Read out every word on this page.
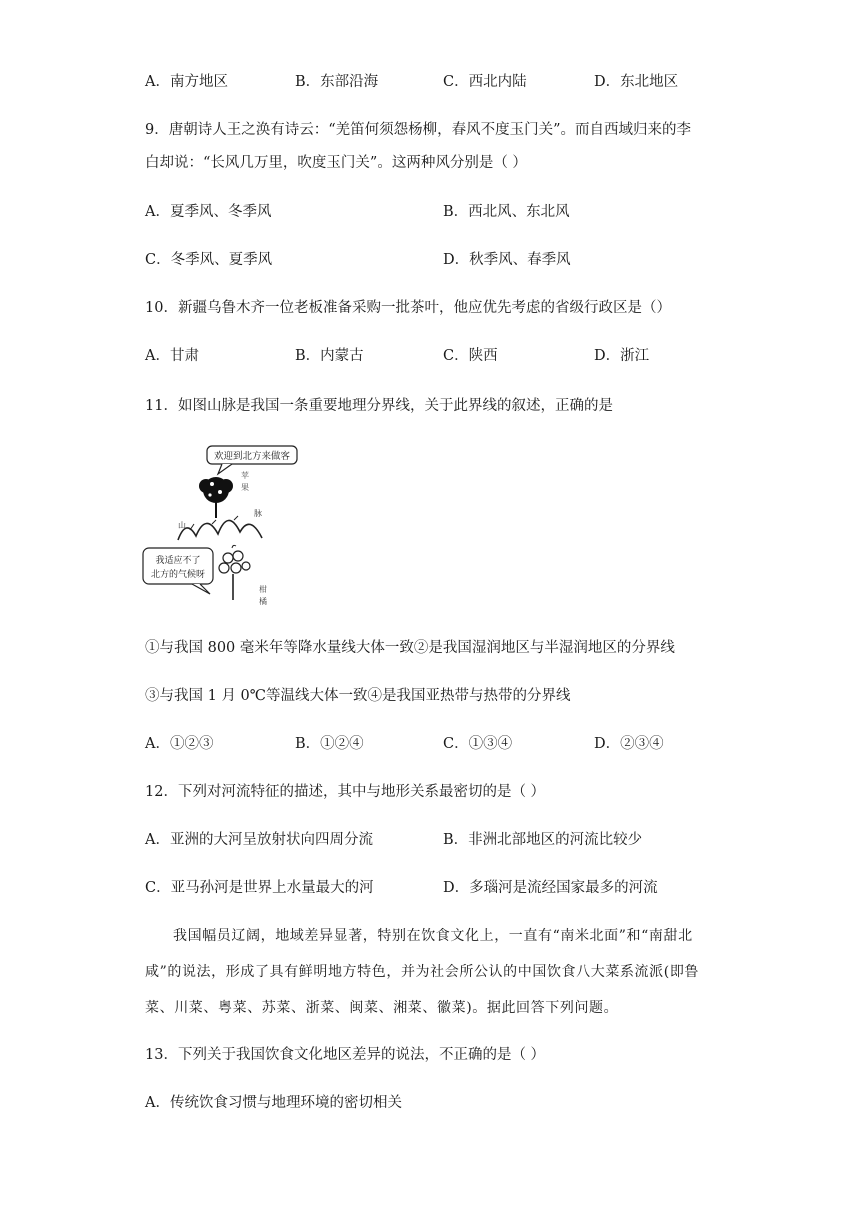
A．南方地区	B．东部沿海	C．西北内陆	D．东北地区
9．唐朝诗人王之涣有诗云：“羌笛何须怨杨柳，春风不度玉门关”。而自西域归来的李
白却说：“长风几万里，吹度玉门关”。这两种风分别是（ ）
A．夏季风、冬季风	B．西北风、东北风
C．冬季风、夏季风	D．秋季风、春季风
10．新疆乌鲁木齐一位老板准备采购一批茶叶，他应优先考虑的省级行政区是（）
A．甘肃	B．内蒙古	C．陕西	D．浙江
11．如图山脉是我国一条重要地理分界线，关于此界线的叙述，正确的是
欢迎到北方来做客
苹
果
山
脉
我适应不了
北方的气候呀
柑
橘
①与我国 800 毫米年等降水量线大体一致②是我国湿润地区与半湿润地区的分界线
③与我国 1 月 0℃等温线大体一致④是我国亚热带与热带的分界线
A．①②③	B．①②④	C．①③④	D．②③④
12．下列对河流特征的描述，其中与地形关系最密切的是（ ）
A．亚洲的大河呈放射状向四周分流	B．非洲北部地区的河流比较少
C．亚马孙河是世界上水量最大的河	D．多瑙河是流经国家最多的河流
我国幅员辽阔，地域差异显著，特别在饮食文化上，一直有“南米北面”和“南甜北咸”的说法，形成了具有鲜明地方特色，并为社会所公认的中国饮食八大菜系流派(即鲁菜、川菜、粤菜、苏菜、浙菜、闽菜、湘菜、徽菜)。据此回答下列问题。
13．下列关于我国饮食文化地区差异的说法，不正确的是（ ）
A．传统饮食习惯与地理环境的密切相关
